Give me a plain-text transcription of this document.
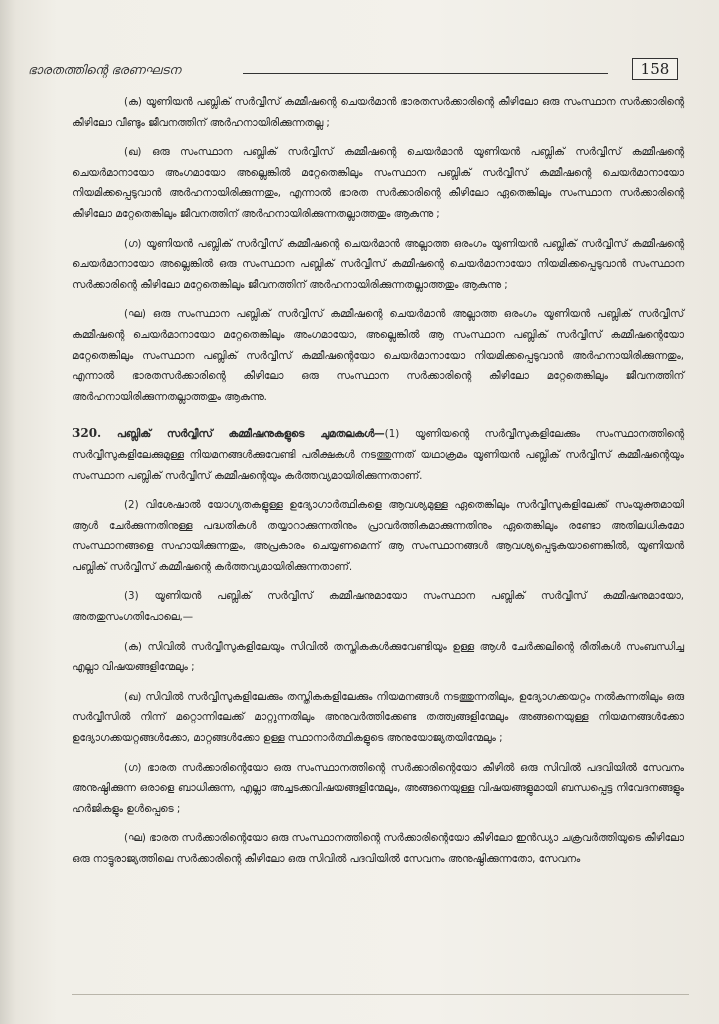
ഭാരതത്തിന്റെ ഭരണഘടന	158

(ക) യൂണിയൻ പബ്ലിക് സർവ്വീസ് കമ്മീഷന്റെ ചെയർമാൻ ഭാരതസർക്കാരിന്റെ കീഴിലോ ഒരു സംസ്ഥാന സർക്കാരിന്റെ കീഴിലോ വീണ്ടും ജീവനത്തിന് അർഹനായിരിക്കുന്നതല്ല ;

(ഖ) ഒരു സംസ്ഥാന പബ്ലിക് സർവ്വീസ് കമ്മീഷന്റെ ചെയർമാൻ യൂണിയൻ പബ്ലിക് സർവ്വീസ് കമ്മീഷന്റെ ചെയർമാനായോ അംഗമായോ അല്ലെങ്കിൽ മറ്റേതെങ്കിലും സംസ്ഥാന പബ്ലിക് സർവ്വീസ് കമ്മീഷന്റെ ചെയർമാനായോ നിയമിക്കപ്പെടുവാൻ അർഹനായിരിക്കുന്നതും, എന്നാൽ ഭാരത സർക്കാരിന്റെ കീഴിലോ ഏതെങ്കിലും സംസ്ഥാന സർക്കാരിന്റെ കീഴിലോ മറ്റേതെങ്കിലും ജീവനത്തിന് അർഹനായിരിക്കുന്നതല്ലാത്തതും ആകുന്നു ;

(ഗ) യൂണിയൻ പബ്ലിക് സർവ്വീസ് കമ്മീഷന്റെ ചെയർമാൻ അല്ലാത്ത ഒരംഗം യൂണിയൻ പബ്ലിക് സർവ്വീസ് കമ്മീഷന്റെ ചെയർമാനായോ അല്ലെങ്കിൽ ഒരു സംസ്ഥാന പബ്ലിക് സർവ്വീസ് കമ്മീഷന്റെ ചെയർമാനായോ നിയമിക്കപ്പെടുവാൻ സംസ്ഥാന സർക്കാരിന്റെ കീഴിലോ മറ്റേതെങ്കിലും ജീവനത്തിന് അർഹനായിരിക്കുന്നതല്ലാത്തതും ആകുന്നു ;

(ഘ) ഒരു സംസ്ഥാന പബ്ലിക് സർവ്വീസ് കമ്മീഷന്റെ ചെയർമാൻ അല്ലാത്ത ഒരംഗം യൂണിയൻ പബ്ലിക് സർവ്വീസ് കമ്മീഷന്റെ ചെയർമാനായോ മറ്റേതെങ്കിലും അംഗമായോ, അല്ലെങ്കിൽ ആ സംസ്ഥാന പബ്ലിക് സർവ്വീസ് കമ്മീഷന്റെയോ മറ്റേതെങ്കിലും സംസ്ഥാന പബ്ലിക് സർവ്വീസ് കമ്മീഷന്റെയോ ചെയർമാനായോ നിയമിക്കപ്പെടുവാൻ അർഹനായിരിക്കുന്നതും, എന്നാൽ ഭാരതസർക്കാരിന്റെ കീഴിലോ ഒരു സംസ്ഥാന സർക്കാരിന്റെ കീഴിലോ മറ്റേതെങ്കിലും ജീവനത്തിന് അർഹനായിരിക്കുന്നതല്ലാത്തതും ആകുന്നു.

320. പബ്ലിക് സർവ്വീസ് കമ്മീഷനുകളുടെ ചുമതലകൾ—(1) യൂണിയന്റെ സർവ്വീസുകളിലേക്കും സംസ്ഥാനത്തിന്റെ സർവ്വീസുകളിലേക്കുമുള്ള നിയമനങ്ങൾക്കുവേണ്ടി പരീക്ഷകൾ നടത്തുന്നത് യഥാക്രമം യൂണിയൻ പബ്ലിക് സർവ്വീസ് കമ്മീഷന്റെയും സംസ്ഥാന പബ്ലിക് സർവ്വീസ് കമ്മീഷന്റെയും കർത്തവ്യമായിരിക്കുന്നതാണ്.

(2) വിശേഷാൽ യോഗ്യതകളുള്ള ഉദ്യോഗാർത്ഥികളെ ആവശ്യമുള്ള ഏതെങ്കിലും സർവ്വീസുകളിലേക്ക് സംയുക്തമായി ആൾ ചേർക്കുന്നതിനുള്ള പദ്ധതികൾ തയ്യാറാക്കുന്നതിനും പ്രാവർത്തികമാക്കുന്നതിനും ഏതെങ്കിലും രണ്ടോ അതിലധികമോ സംസ്ഥാനങ്ങളെ സഹായിക്കുന്നതും, അപ്രകാരം ചെയ്യണമെന്ന് ആ സംസ്ഥാനങ്ങൾ ആവശ്യപ്പെടുകയാണെങ്കിൽ, യൂണിയൻ പബ്ലിക് സർവ്വീസ് കമ്മീഷന്റെ കർത്തവ്യമായിരിക്കുന്നതാണ്.

(3) യൂണിയൻ പബ്ലിക് സർവ്വീസ് കമ്മീഷനുമായോ സംസ്ഥാന പബ്ലിക് സർവ്വീസ് കമ്മീഷനുമായോ, അതതുസംഗതിപോലെ,—

(ക) സിവിൽ സർവ്വീസുകളിലേയും സിവിൽ തസ്തികകൾക്കുവേണ്ടിയും ഉള്ള ആൾ ചേർക്കലിന്റെ രീതികൾ സംബന്ധിച്ച എല്ലാ വിഷയങ്ങളിന്മേലും ;

(ഖ) സിവിൽ സർവ്വീസുകളിലേക്കും തസ്തികകളിലേക്കും നിയമനങ്ങൾ നടത്തുന്നതിലും, ഉദ്യോഗക്കയറ്റം നൽകുന്നതിലും ഒരു സർവ്വീസിൽ നിന്ന് മറ്റൊന്നിലേക്ക് മാറ്റുന്നതിലും അനുവർത്തിക്കേണ്ട തത്ത്വങ്ങളിന്മേലും അങ്ങനെയുള്ള നിയമനങ്ങൾക്കോ ഉദ്യോഗക്കയറ്റങ്ങൾക്കോ, മാറ്റങ്ങൾക്കോ ഉള്ള സ്ഥാനാർത്ഥികളുടെ അനുയോജ്യതയിന്മേലും ;

(ഗ) ഭാരത സർക്കാരിന്റെയോ ഒരു സംസ്ഥാനത്തിന്റെ സർക്കാരിന്റെയോ കീഴിൽ ഒരു സിവിൽ പദവിയിൽ സേവനം അനുഷ്ഠിക്കുന്ന ഒരാളെ ബാധിക്കുന്ന, എല്ലാ അച്ചടക്കവിഷയങ്ങളിന്മേലും, അങ്ങനെയുള്ള വിഷയങ്ങളുമായി ബന്ധപ്പെട്ട നിവേദനങ്ങളും ഹർജികളും ഉൾപ്പെടെ ;

(ഘ) ഭാരത സർക്കാരിന്റെയോ ഒരു സംസ്ഥാനത്തിന്റെ സർക്കാരിന്റെയോ കീഴിലോ ഇൻഡ്യാ ചക്രവർത്തിയുടെ കീഴിലോ ഒരു നാട്ടുരാജ്യത്തിലെ സർക്കാരിന്റെ കീഴിലോ ഒരു സിവിൽ പദവിയിൽ സേവനം അനുഷ്ഠിക്കുന്നതോ, സേവനം
